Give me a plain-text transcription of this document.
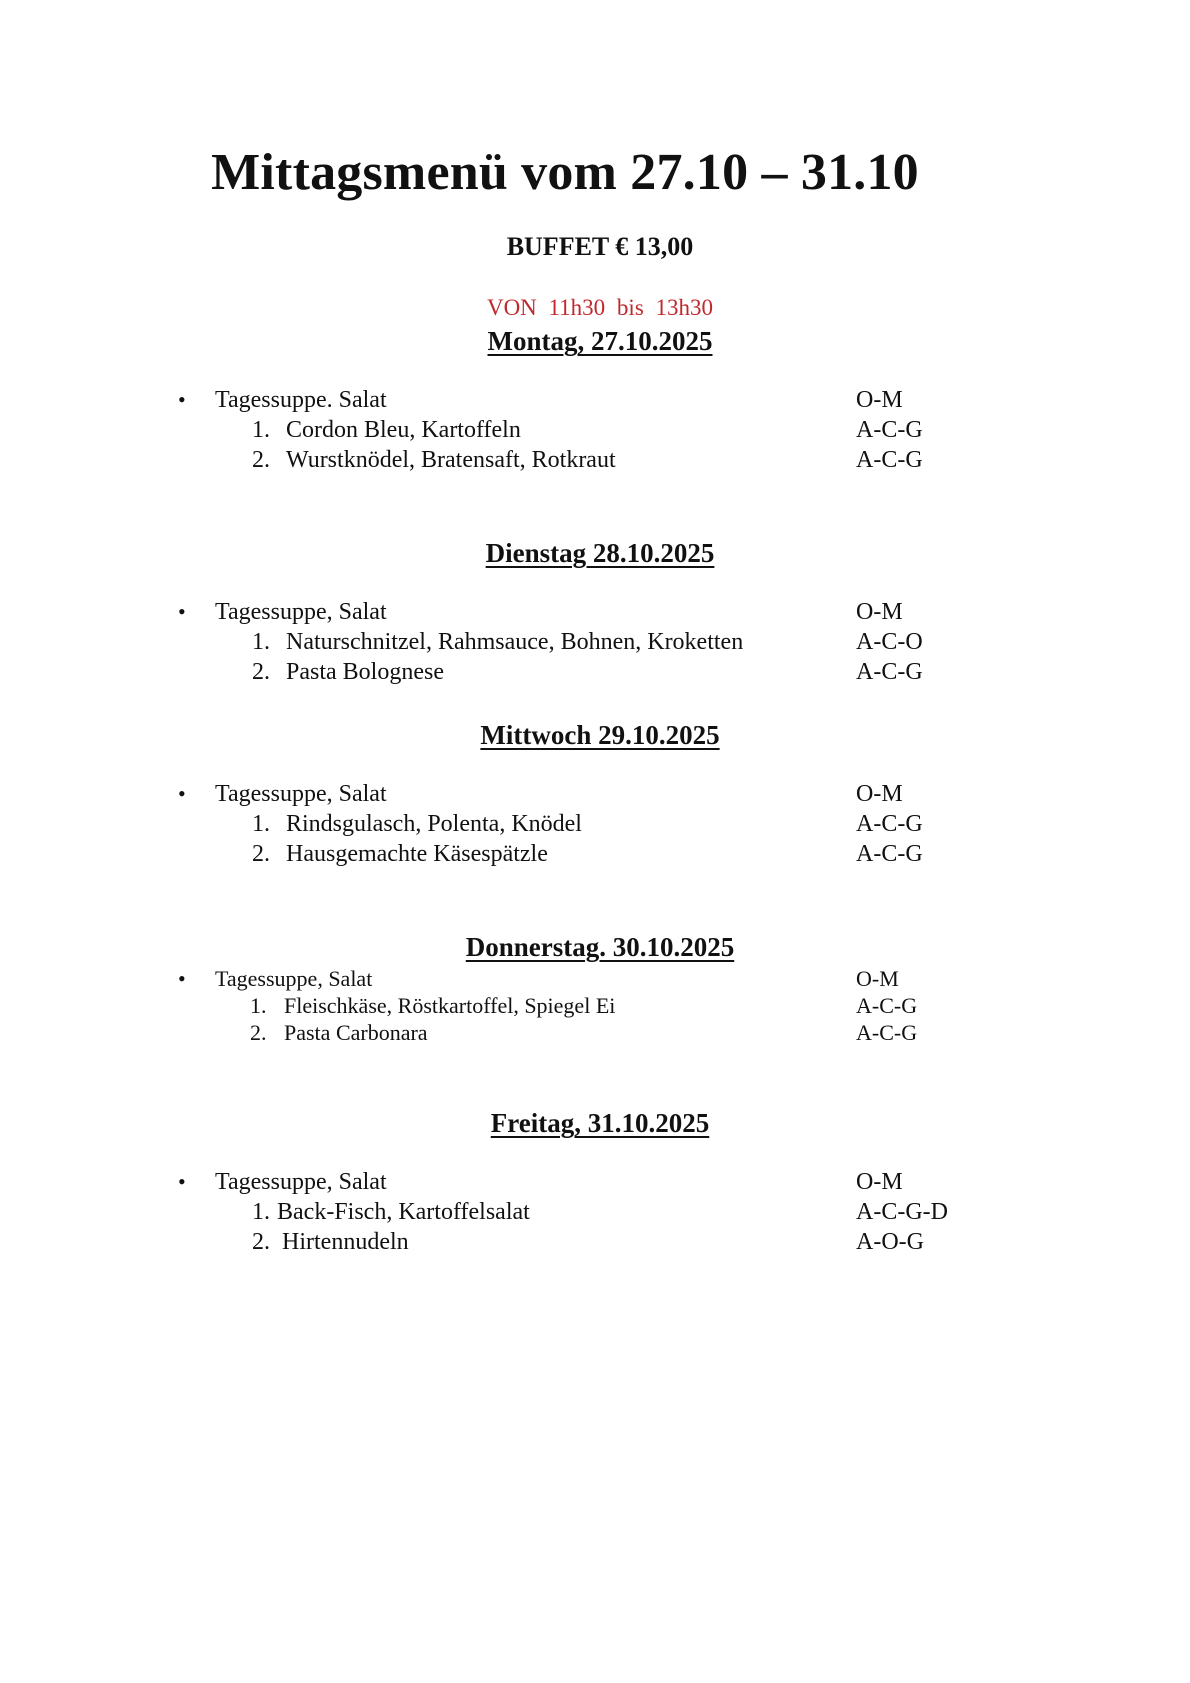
Mittagsmenü vom 27.10 – 31.10
BUFFET € 13,00
VON 11h30 bis 13h30
Montag, 27.10.2025
• Tagessuppe. Salat	O-M
1. Cordon Bleu, Kartoffeln	A-C-G
2. Wurstknödel, Bratensaft, Rotkraut	A-C-G
Dienstag 28.10.2025
• Tagessuppe, Salat	O-M
1. Naturschnitzel, Rahmsauce, Bohnen, Kroketten	A-C-O
2. Pasta Bolognese	A-C-G
Mittwoch 29.10.2025
• Tagessuppe, Salat	O-M
1. Rindsgulasch, Polenta, Knödel	A-C-G
2. Hausgemachte Käsespätzle	A-C-G
Donnerstag. 30.10.2025
• Tagessuppe, Salat	O-M
1. Fleischkäse, Röstkartoffel, Spiegel Ei	A-C-G
2. Pasta Carbonara	A-C-G
Freitag, 31.10.2025
• Tagessuppe, Salat	O-M
1. Back-Fisch, Kartoffelsalat	A-C-G-D
2. Hirtennudeln	A-O-G
